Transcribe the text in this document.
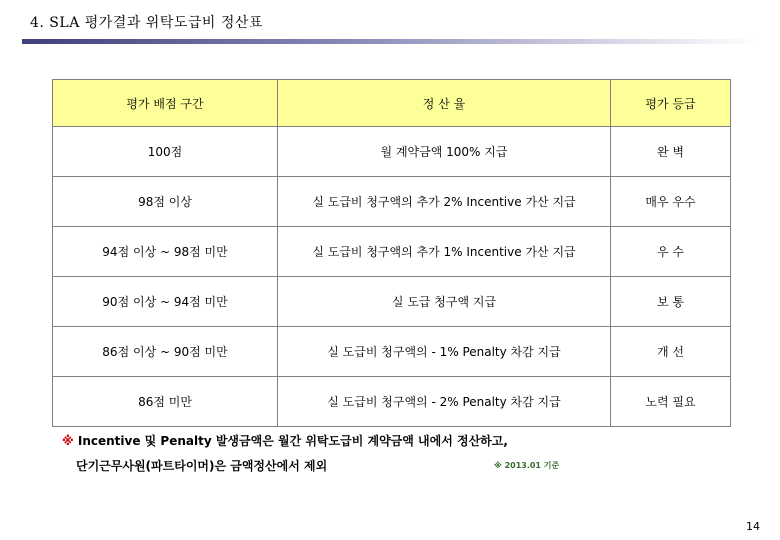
4. SLA 평가결과 위탁도급비 정산표
평가 배점 구간	정 산 율	평가 등급
100점	월 계약금액 100% 지급	완 벽
98점 이상	실 도급비 청구액의 추가 2% Incentive 가산 지급	매우 우수
94점 이상 ~ 98점 미만	실 도급비 청구액의 추가 1% Incentive 가산 지급	우 수
90점 이상 ~ 94점 미만	실 도급 청구액 지급	보 통
86점 이상 ~ 90점 미만	실 도급비 청구액의 - 1% Penalty 차감 지급	개 선
86점 미만	실 도급비 청구액의 - 2% Penalty 차감 지급	노력 필요
※ Incentive 및 Penalty 발생금액은 월간 위탁도급비 계약금액 내에서 정산하고,
단기근무사원(파트타이머)은 금액정산에서 제외	※ 2013.01 기준
14
